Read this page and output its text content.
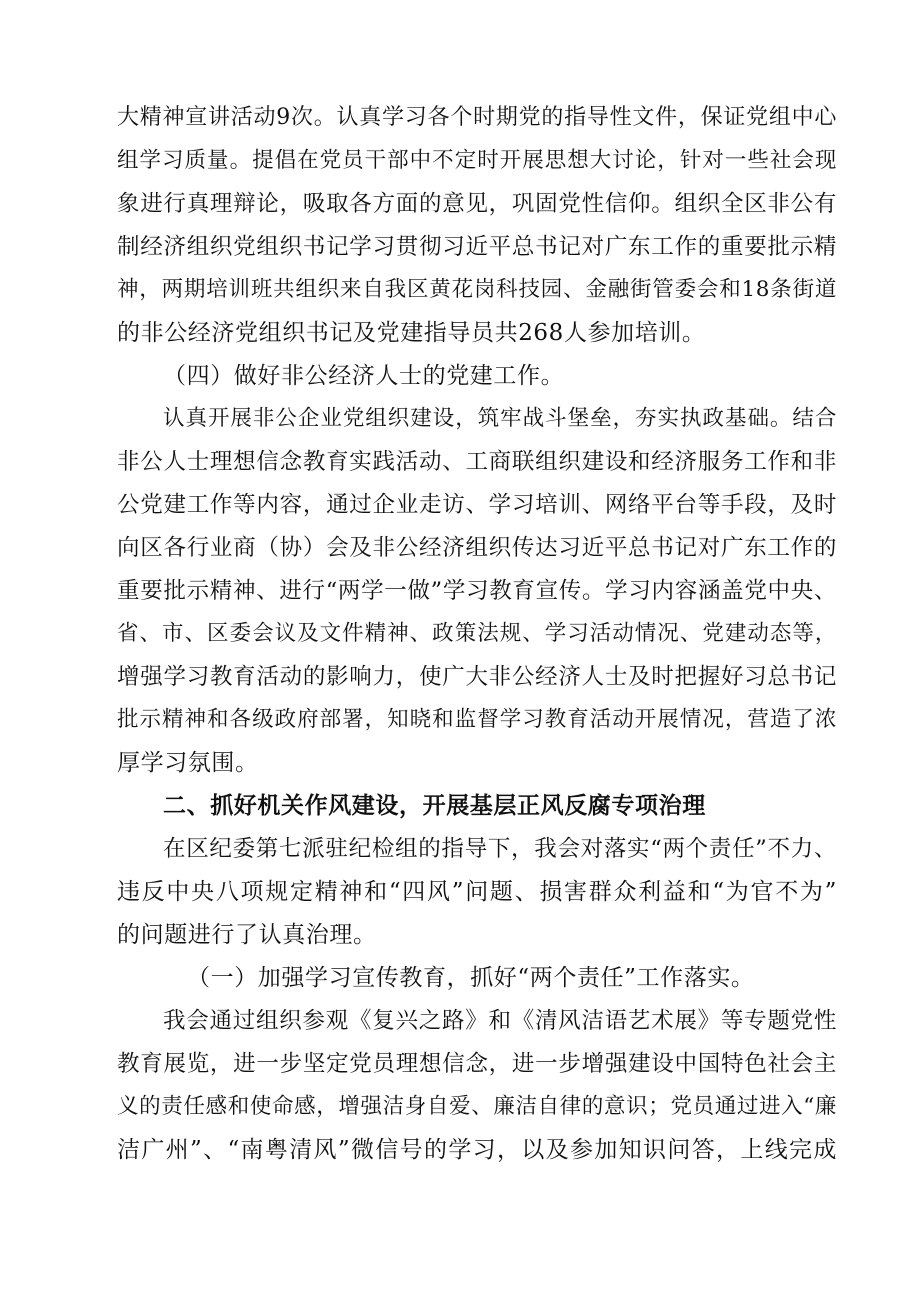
大精神宣讲活动9次。认真学习各个时期党的指导性文件，保证党组中心
组学习质量。提倡在党员干部中不定时开展思想大讨论，针对一些社会现
象进行真理辩论，吸取各方面的意见，巩固党性信仰。组织全区非公有
制经济组织党组织书记学习贯彻习近平总书记对广东工作的重要批示精
神，两期培训班共组织来自我区黄花岗科技园、金融街管委会和18条街道
的非公经济党组织书记及党建指导员共268人参加培训。
（四）做好非公经济人士的党建工作。
认真开展非公企业党组织建设，筑牢战斗堡垒，夯实执政基础。结合
非公人士理想信念教育实践活动、工商联组织建设和经济服务工作和非
公党建工作等内容，通过企业走访、学习培训、网络平台等手段，及时
向区各行业商（协）会及非公经济组织传达习近平总书记对广东工作的
重要批示精神、进行“两学一做”学习教育宣传。学习内容涵盖党中央、
省、市、区委会议及文件精神、政策法规、学习活动情况、党建动态等，
增强学习教育活动的影响力，使广大非公经济人士及时把握好习总书记
批示精神和各级政府部署，知晓和监督学习教育活动开展情况，营造了浓
厚学习氛围。
二、抓好机关作风建设，开展基层正风反腐专项治理
在区纪委第七派驻纪检组的指导下，我会对落实“两个责任”不力、
违反中央八项规定精神和“四风”问题、损害群众利益和“为官不为”
的问题进行了认真治理。
（一）加强学习宣传教育，抓好“两个责任”工作落实。
我会通过组织参观《复兴之路》和《清风洁语艺术展》等专题党性
教育展览，进一步坚定党员理想信念，进一步增强建设中国特色社会主
义的责任感和使命感，增强洁身自爱、廉洁自律的意识；党员通过进入“廉
洁广州”、“南粤清风”微信号的学习，以及参加知识问答，上线完成
